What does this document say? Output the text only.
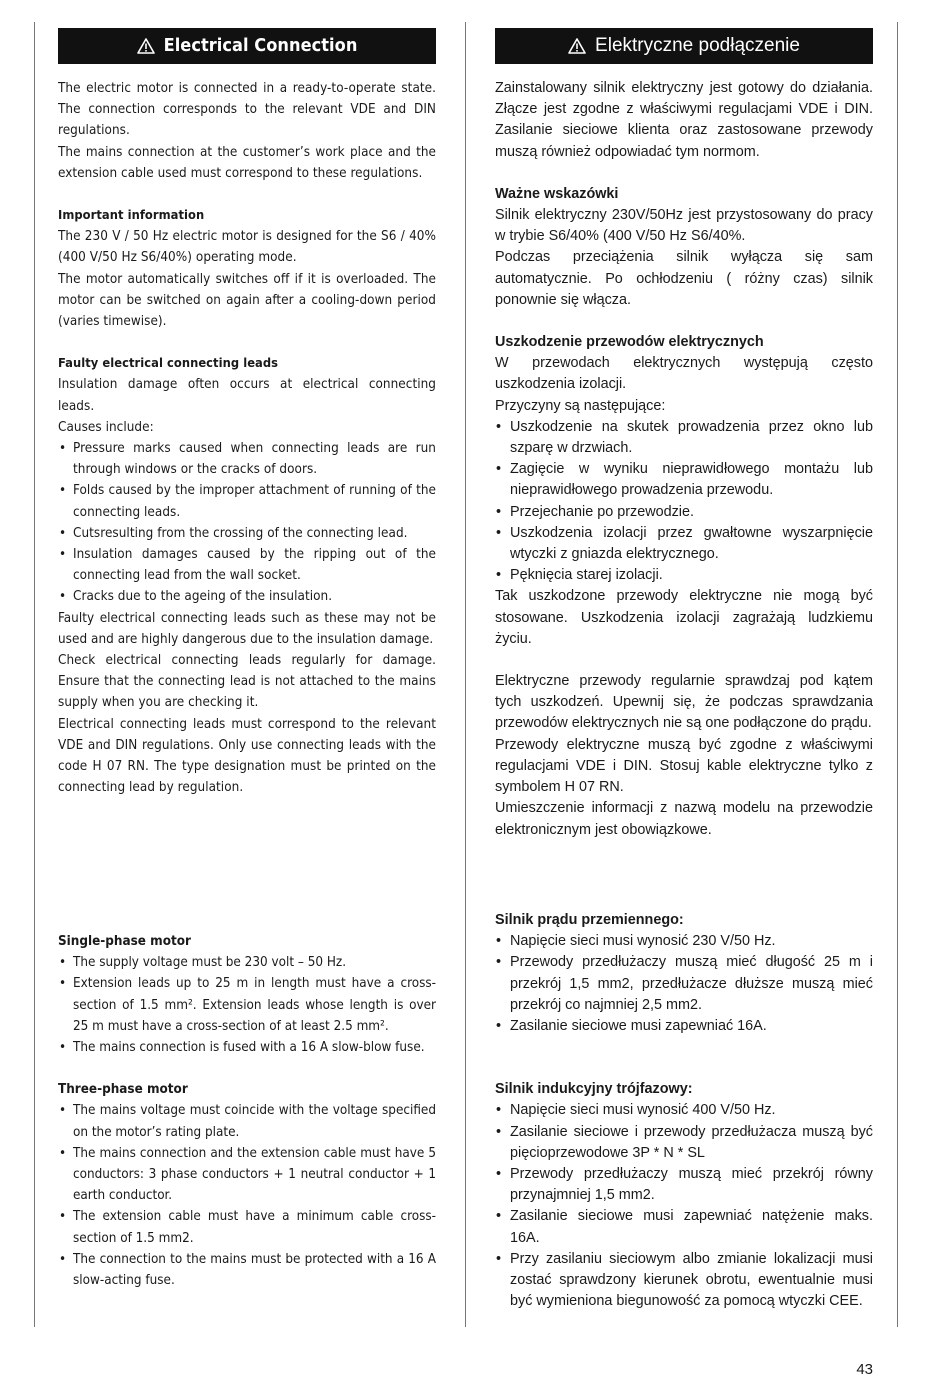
Electrical Connection

The electric motor is connected in a ready-to-operate state. The connection corresponds to the relevant VDE and DIN regulations.

The mains connection at the customer’s work place and the extension cable used must correspond to these regulations.

Important information

The 230 V / 50 Hz electric motor is designed for the S6 / 40% (400 V/50 Hz S6/40%) operating mode.

The motor automatically switches off if it is overloaded. The motor can be switched on again after a cooling-down period (varies timewise).

Faulty electrical connecting leads

Insulation damage often occurs at electrical connecting leads.

Causes include:

• Pressure marks caused when connecting leads are run through windows or the cracks of doors.
• Folds caused by the improper attachment of running of the connecting leads.
• Cutsresulting from the crossing of the connecting lead.
• Insulation damages caused by the ripping out of the connecting lead from the wall socket.
• Cracks due to the ageing of the insulation.

Faulty electrical connecting leads such as these may not be used and are highly dangerous due to the insulation damage.

Check electrical connecting leads regularly for damage. Ensure that the connecting lead is not attached to the mains supply when you are checking it.

Electrical connecting leads must correspond to the relevant VDE and DIN regulations. Only use connecting leads with the code H 07 RN. The type designation must be printed on the connecting lead by regulation.

Single-phase motor
• The supply voltage must be 230 volt – 50 Hz.
• Extension leads up to 25 m in length must have a cross-section of 1.5 mm². Extension leads whose length is over 25 m must have a cross-section of at least 2.5 mm².
• The mains connection is fused with a 16 A slow-blow fuse.
Three-phase motor
• The mains voltage must coincide with the voltage specified on the motor’s rating plate.
• The mains connection and the extension cable must have 5 conductors: 3 phase conductors + 1 neutral conductor + 1 earth conductor.
• The extension cable must have a minimum cable cross-section of 1.5 mm2.
• The connection to the mains must be protected with a 16 A slow-acting fuse.
Elektryczne podłączenie

Zainstalowany silnik elektryczny jest gotowy do działania. Złącze jest zgodne z właściwymi regulacjami VDE i DIN. Zasilanie sieciowe klienta oraz zastosowane przewody muszą również odpowiadać tym normom.

Ważne wskazówki

Silnik elektryczny 230V/50Hz jest przystosowany do pracy w trybie S6/40% (400 V/50 Hz S6/40%.

Podczas przeciążenia silnik wyłącza się sam automatycznie. Po ochłodzeniu ( różny czas) silnik ponownie się włącza.

Uszkodzenie przewodów elektrycznych

W przewodach elektrycznych występują często uszkodzenia izolacji.

Przyczyny są następujące:

• Uszkodzenie na skutek prowadzenia przez okno lub szparę w drzwiach.
• Zagięcie w wyniku nieprawidłowego montażu lub nieprawidłowego prowadzenia przewodu.
• Przejechanie po przewodzie.
• Uszkodzenia izolacji przez gwałtowne wyszarpnięcie wtyczki z gniazda elektrycznego.
• Pęknięcia starej izolacji.

Tak uszkodzone przewody elektryczne nie mogą być stosowane. Uszkodzenia izolacji zagrażają ludzkiemu życiu.

Elektryczne przewody regularnie sprawdzaj pod kątem tych uszkodzeń. Upewnij się, że podczas sprawdzania przewodów elektrycznych nie są one podłączone do prądu.

Przewody elektryczne muszą być zgodne z właściwymi regulacjami VDE i DIN. Stosuj kable elektryczne tylko z symbolem H 07 RN.

Umieszczenie informacji z nazwą modelu na przewodzie elektronicznym jest obowiązkowe.

Silnik prądu przemiennego:
• Napięcie sieci musi wynosić 230 V/50 Hz.
• Przewody przedłużaczy muszą mieć długość 25 m i przekrój 1,5 mm2, przedłużacze dłuższe muszą mieć przekrój co najmniej 2,5 mm2.
• Zasilanie sieciowe musi zapewniać 16A.
Silnik indukcyjny trójfazowy:
• Napięcie sieci musi wynosić 400 V/50 Hz.
• Zasilanie sieciowe i przewody przedłużacza muszą być pięcioprzewodowe 3P * N * SL
• Przewody przedłużaczy muszą mieć przekrój równy przynajmniej 1,5 mm2.
• Zasilanie sieciowe musi zapewniać natężenie maks. 16A.
• Przy zasilaniu sieciowym albo zmianie lokalizacji musi zostać sprawdzony kierunek obrotu, ewentualnie musi być wymieniona biegunowość za pomocą wtyczki CEE.
43
